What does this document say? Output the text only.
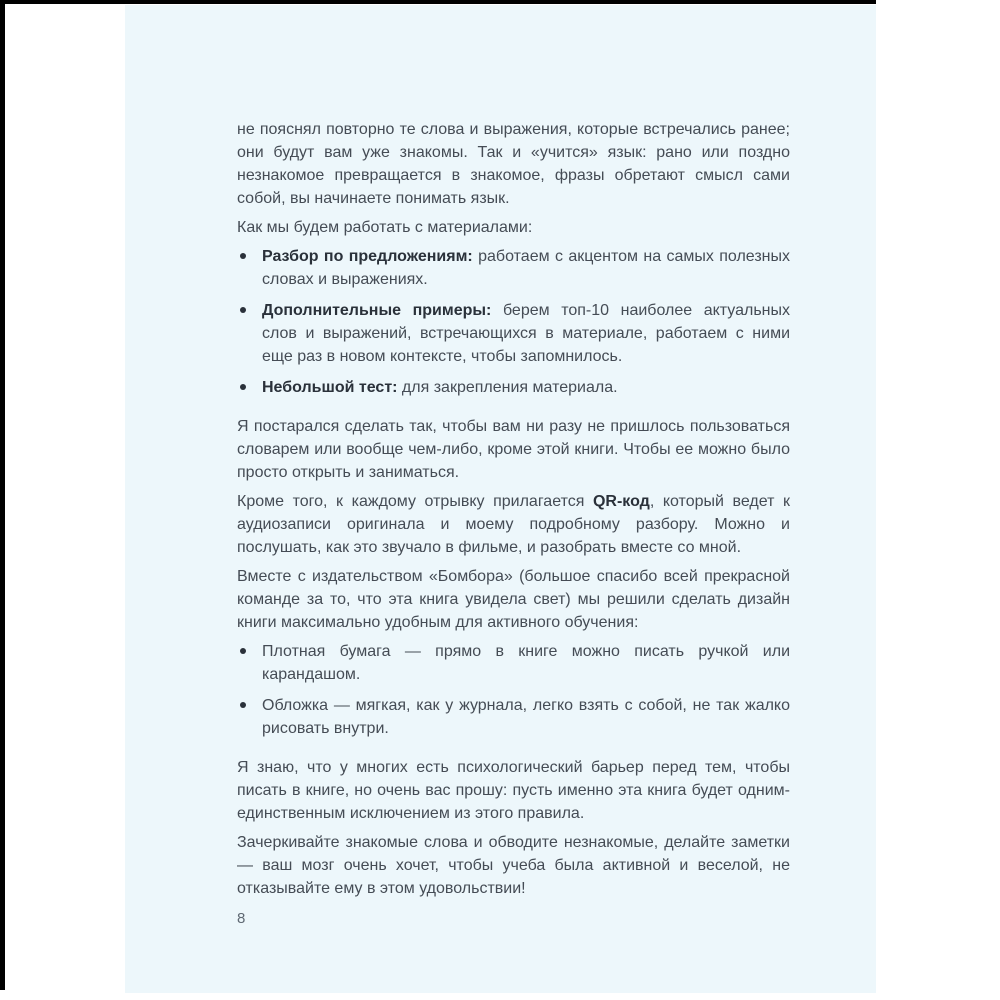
не пояснял повторно те слова и выражения, которые встречались ранее; они будут вам уже знакомы. Так и «учится» язык: рано или поздно незнакомое превращается в знакомое, фразы обретают смысл сами собой, вы начинаете понимать язык.

Как мы будем работать с материалами:

Разбор по предложениям: работаем с акцентом на самых полезных словах и выражениях.

Дополнительные примеры: берем топ-10 наиболее актуальных слов и выражений, встречающихся в материале, работаем с ними еще раз в новом контексте, чтобы запомнилось.

Небольшой тест: для закрепления материала.

Я постарался сделать так, чтобы вам ни разу не пришлось пользоваться словарем или вообще чем-либо, кроме этой книги. Чтобы ее можно было просто открыть и заниматься.

Кроме того, к каждому отрывку прилагается QR-код, который ведет к аудиозаписи оригинала и моему подробному разбору. Можно и послушать, как это звучало в фильме, и разобрать вместе со мной.

Вместе с издательством «Бомбора» (большое спасибо всей прекрасной команде за то, что эта книга увидела свет) мы решили сделать дизайн книги максимально удобным для активного обучения:

Плотная бумага — прямо в книге можно писать ручкой или карандашом.

Обложка — мягкая, как у журнала, легко взять с собой, не так жалко рисовать внутри.

Я знаю, что у многих есть психологический барьер перед тем, чтобы писать в книге, но очень вас прошу: пусть именно эта книга будет одним-единственным исключением из этого правила.

Зачеркивайте знакомые слова и обводите незнакомые, делайте заметки — ваш мозг очень хочет, чтобы учеба была активной и веселой, не отказывайте ему в этом удовольствии!

8
